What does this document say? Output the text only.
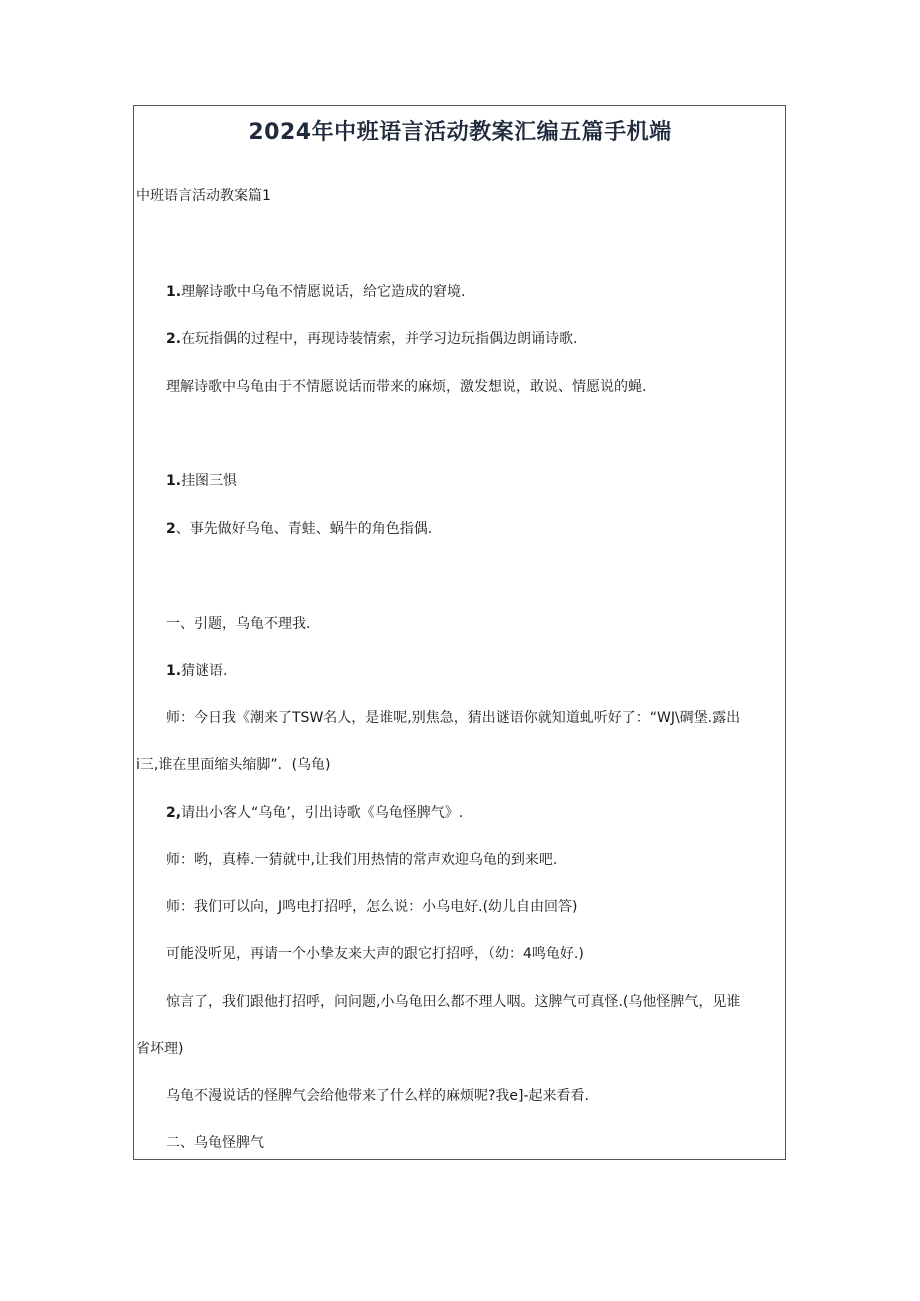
2024年中班语言活动教案汇编五篇手机端

中班语言活动教案篇1

1.理解诗歌中乌龟不情愿说话，给它造成的窘境.

2.在玩指偶的过程中，再现诗装情索，并学习边玩指偶边朗诵诗歌.

理解诗歌中乌龟由于不情愿说话而带来的麻烦，激发想说，敢说、情愿说的蝇.

1.挂图三惧

2、事先做好乌龟、青蛙、蜗牛的角色指偶.

一、引题，乌龟不理我.

1.猜谜语.

师：今日我《潮来了TSW名人，是谁呢,别焦急，猜出谜语你就知道虬听好了：“WJ\碉堡.露出

i三,谁在里面缩头缩脚”．(乌龟)

2,请出小客人“乌龟’，引出诗歌《乌龟怪脾气》.

师：哟，真棒.一猜就中,让我们用热情的常声欢迎乌龟的到来吧.

师：我们可以向，J鸣电打招呼，怎么说：小乌电好.(幼儿自由回答)

可能没听见，再请一个小挚友来大声的跟它打招呼，（幼：4鸣龟好.)

惊言了，我们跟他打招呼，问问题,小乌龟田么都不理人咽。这脾气可真怪.(乌他怪脾气，见谁

省坏理)

乌龟不漫说话的怪脾气会给他带来了什么样的麻烦呢?我e]-起来看看.

二、乌龟怪脾气
